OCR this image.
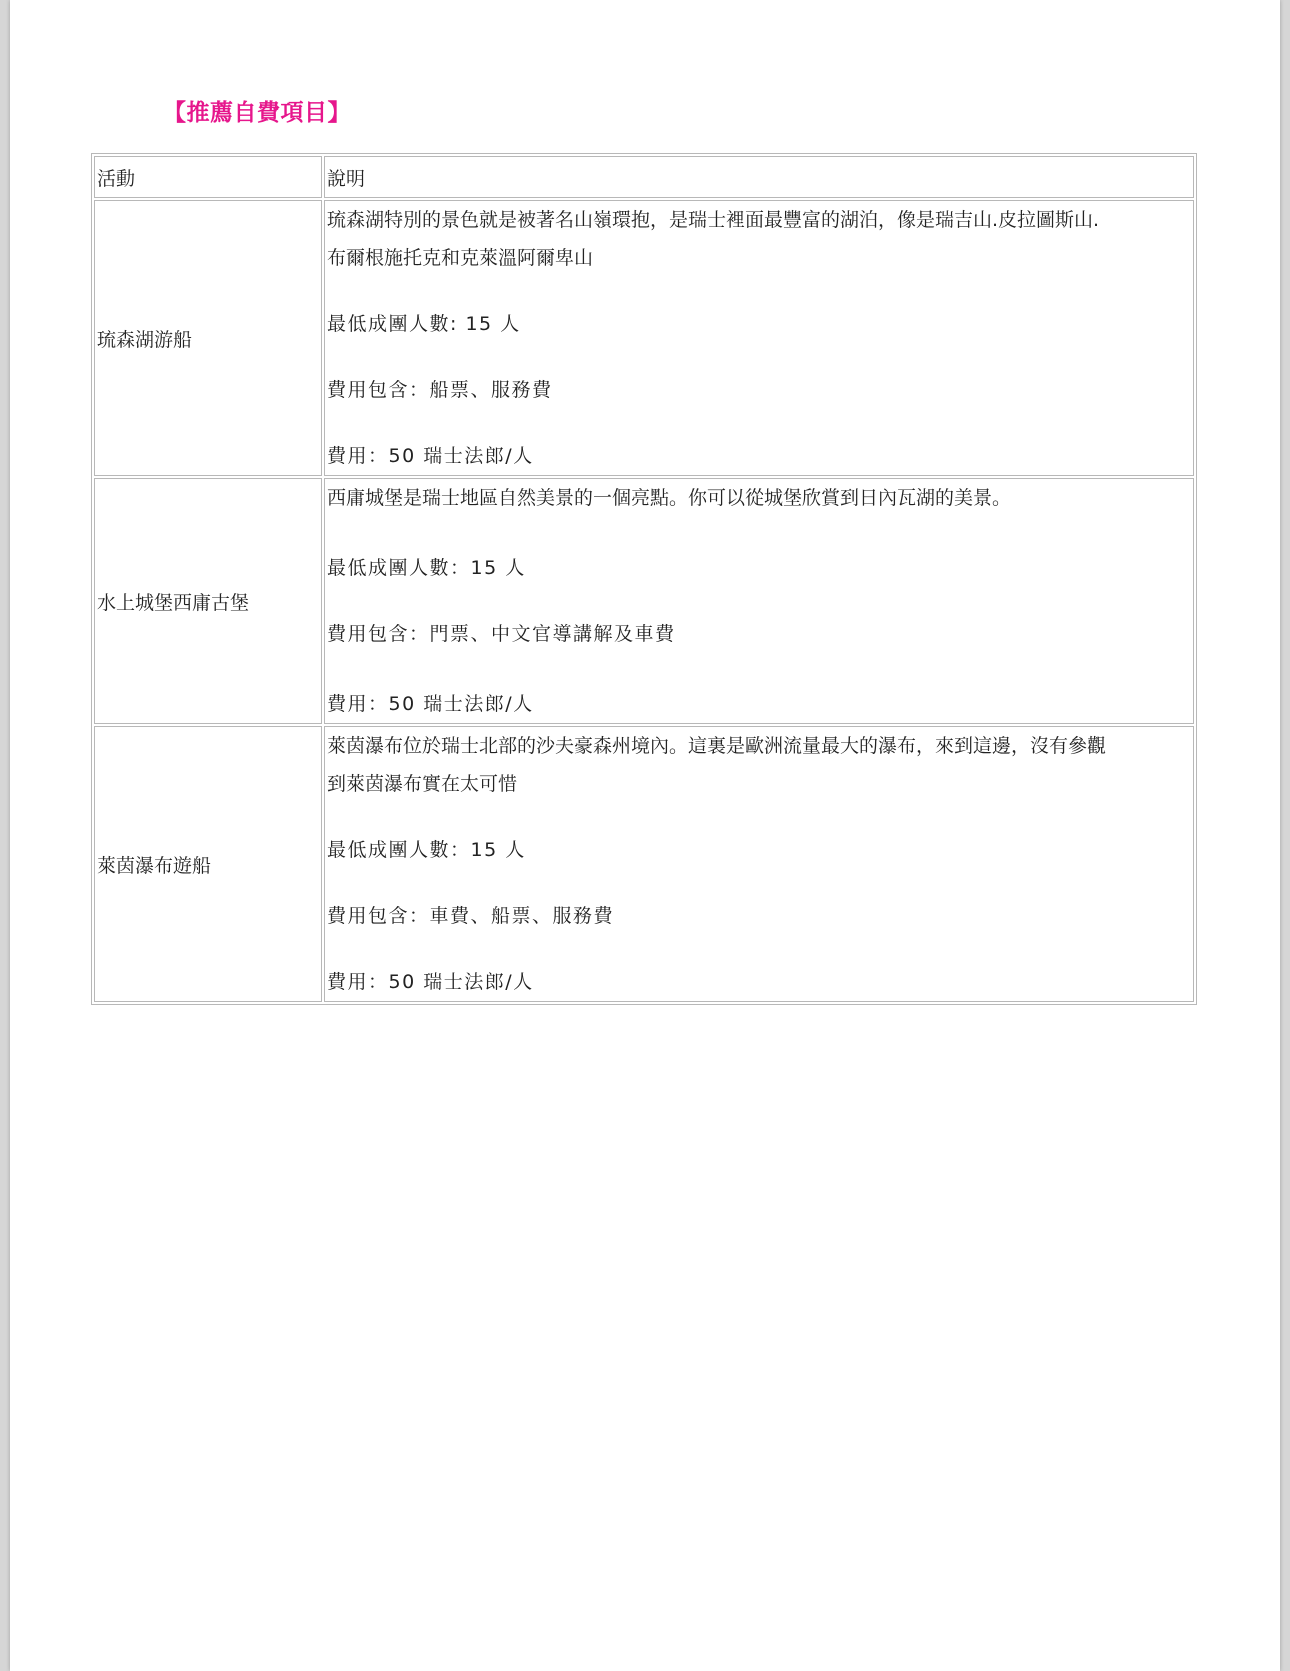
【推薦自費項目】
活動	說明
琉森湖游船	琉森湖特別的景色就是被著名山嶺環抱，是瑞士裡面最豐富的湖泊，像是瑞吉山.皮拉圖斯山.

布爾根施托克和克萊溫阿爾卑山

最低成團人數: 15 人

費用包含：船票、服務費

費用：50 瑞士法郎/人

水上城堡西庸古堡	西庸城堡是瑞士地區自然美景的一個亮點。你可以從城堡欣賞到日內瓦湖的美景。

最低成團人數：15 人

費用包含：門票、中文官導講解及車費

費用：50 瑞士法郎/人

萊茵瀑布遊船	萊茵瀑布位於瑞士北部的沙夫豪森州境內。這裏是歐洲流量最大的瀑布，來到這邊，沒有參觀

到萊茵瀑布實在太可惜

最低成團人數：15 人

費用包含：車費、船票、服務費

費用：50 瑞士法郎/人
